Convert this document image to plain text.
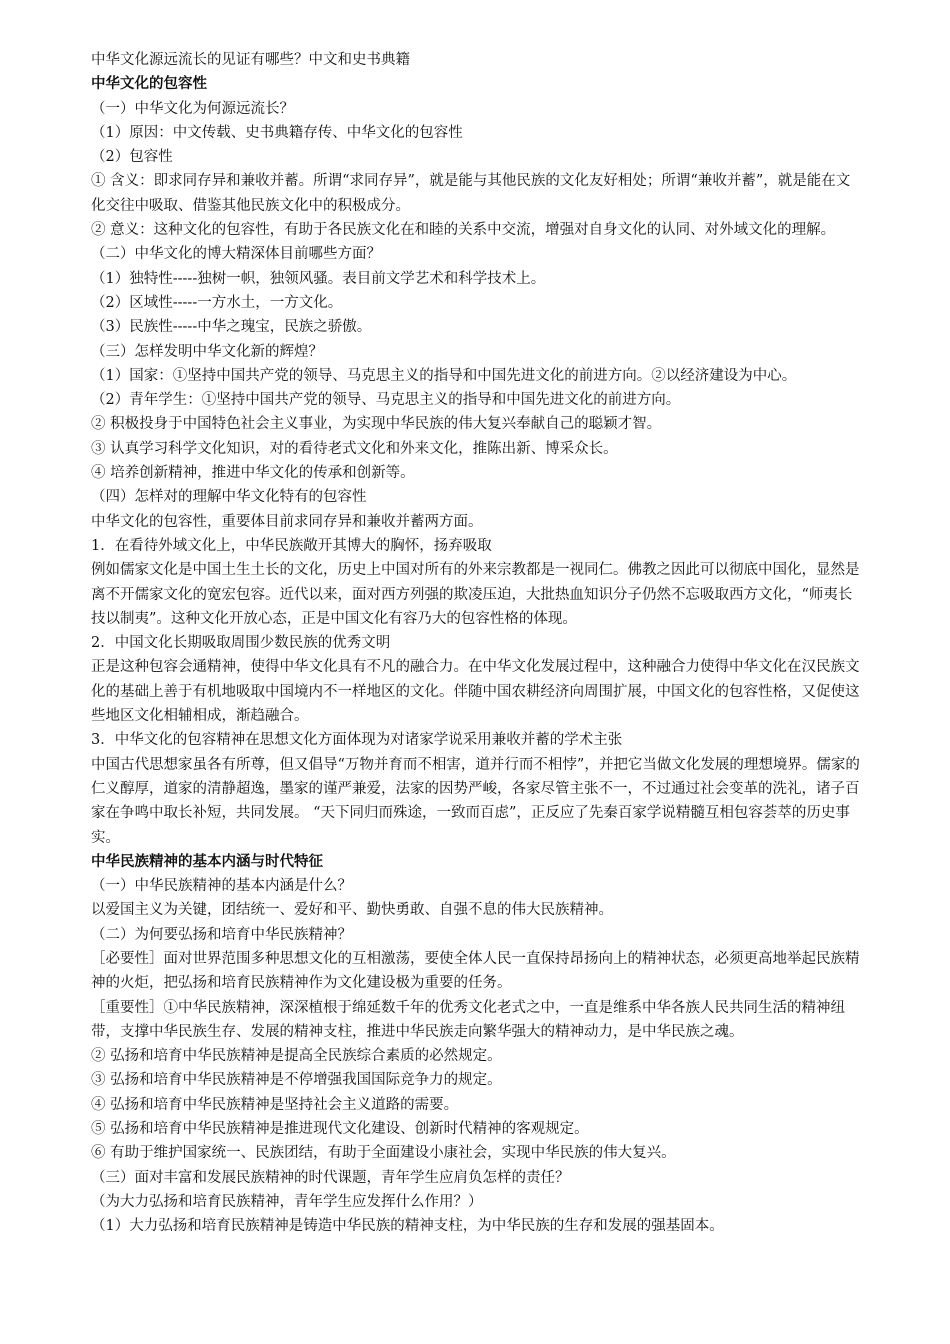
中华文化源远流长的见证有哪些？中文和史书典籍

中华文化的包容性

（一）中华文化为何源远流长？

（1）原因：中文传载、史书典籍存传、中华文化的包容性

（2）包容性

① 含义：即求同存异和兼收并蓄。所谓“求同存异”，就是能与其他民族的文化友好相处；所谓“兼收并蓄”，就是能在文化交往中吸取、借鉴其他民族文化中的积极成分。

② 意义：这种文化的包容性，有助于各民族文化在和睦的关系中交流，增强对自身文化的认同、对外域文化的理解。

（二）中华文化的博大精深体目前哪些方面？

（1）独特性-----独树一帜，独领风骚。表目前文学艺术和科学技术上。

（2）区域性-----一方水土，一方文化。

（3）民族性-----中华之瑰宝，民族之骄傲。

（三）怎样发明中华文化新的辉煌？

（1）国家：①坚持中国共产党的领导、马克思主义的指导和中国先进文化的前进方向。②以经济建设为中心。

（2）青年学生：①坚持中国共产党的领导、马克思主义的指导和中国先进文化的前进方向。

② 积极投身于中国特色社会主义事业，为实现中华民族的伟大复兴奉献自己的聪颖才智。

③ 认真学习科学文化知识，对的看待老式文化和外来文化，推陈出新、博采众长。

④ 培养创新精神，推进中华文化的传承和创新等。

（四）怎样对的理解中华文化特有的包容性

中华文化的包容性，重要体目前求同存异和兼收并蓄两方面。

1．在看待外域文化上，中华民族敞开其博大的胸怀，扬弃吸取

例如儒家文化是中国土生土长的文化，历史上中国对所有的外来宗教都是一视同仁。佛教之因此可以彻底中国化，显然是离不开儒家文化的宽宏包容。近代以来，面对西方列强的欺凌压迫，大批热血知识分子仍然不忘吸取西方文化，“师夷长技以制夷”。这种文化开放心态，正是中国文化有容乃大的包容性格的体现。

2．中国文化长期吸取周围少数民族的优秀文明

正是这种包容会通精神，使得中华文化具有不凡的融合力。在中华文化发展过程中，这种融合力使得中华文化在汉民族文化的基础上善于有机地吸取中国境内不一样地区的文化。伴随中国农耕经济向周围扩展，中国文化的包容性格，又促使这些地区文化相辅相成，渐趋融合。

3．中华文化的包容精神在思想文化方面体现为对诸家学说采用兼收并蓄的学术主张

中国古代思想家虽各有所尊，但又倡导“万物并育而不相害，道并行而不相悖”，并把它当做文化发展的理想境界。儒家的仁义醇厚，道家的清静超逸，墨家的谨严兼爱，法家的因势严峻，各家尽管主张不一，不过通过社会变革的洗礼，诸子百家在争鸣中取长补短，共同发展。 “天下同归而殊途，一致而百虑”，正反应了先秦百家学说精髓互相包容荟萃的历史事实。

中华民族精神的基本内涵与时代特征

（一）中华民族精神的基本内涵是什么？

以爱国主义为关键，团结统一、爱好和平、勤快勇敢、自强不息的伟大民族精神。

（二）为何要弘扬和培育中华民族精神？

［必要性］面对世界范围多种思想文化的互相激荡，要使全体人民一直保持昂扬向上的精神状态，必须更高地举起民族精神的火炬，把弘扬和培育民族精神作为文化建设极为重要的任务。

［重要性］①中华民族精神，深深植根于绵延数千年的优秀文化老式之中，一直是维系中华各族人民共同生活的精神纽带，支撑中华民族生存、发展的精神支柱，推进中华民族走向繁华强大的精神动力，是中华民族之魂。

② 弘扬和培育中华民族精神是提高全民族综合素质的必然规定。

③ 弘扬和培育中华民族精神是不停增强我国国际竞争力的规定。

④ 弘扬和培育中华民族精神是坚持社会主义道路的需要。

⑤ 弘扬和培育中华民族精神是推进现代文化建设、创新时代精神的客观规定。

⑥ 有助于维护国家统一、民族团结，有助于全面建设小康社会，实现中华民族的伟大复兴。

（三）面对丰富和发展民族精神的时代课题，青年学生应肩负怎样的责任？

（为大力弘扬和培育民族精神，青年学生应发挥什么作用？）

（1）大力弘扬和培育民族精神是铸造中华民族的精神支柱，为中华民族的生存和发展的强基固本。
